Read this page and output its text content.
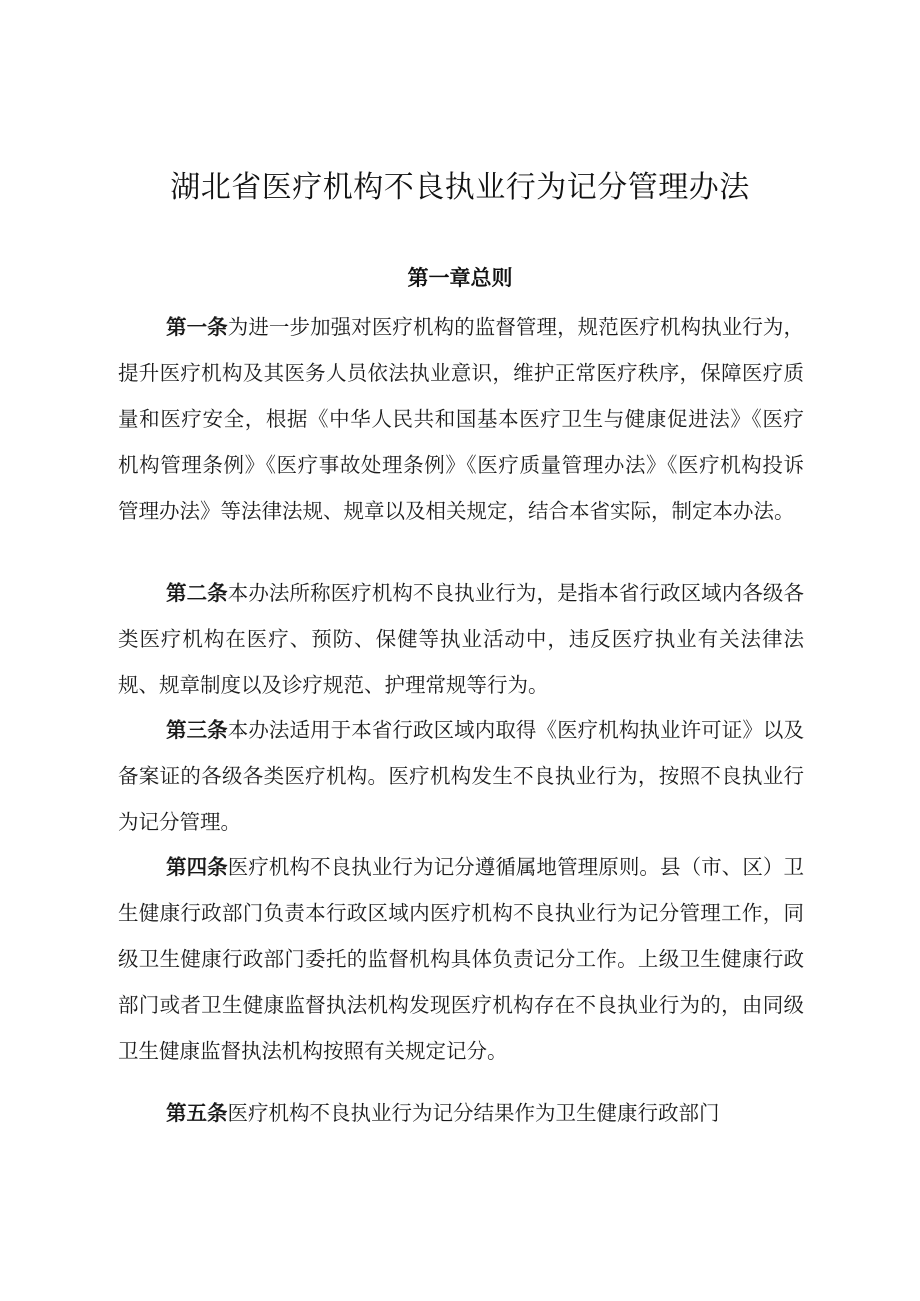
湖北省医疗机构不良执业行为记分管理办法
第一章总则

第一条为进一步加强对医疗机构的监督管理，规范医疗机构执业行为，提升医疗机构及其医务人员依法执业意识，维护正常医疗秩序，保障医疗质量和医疗安全，根据《中华人民共和国基本医疗卫生与健康促进法》《医疗机构管理条例》《医疗事故处理条例》《医疗质量管理办法》《医疗机构投诉管理办法》等法律法规、规章以及相关规定，结合本省实际，制定本办法。

第二条本办法所称医疗机构不良执业行为，是指本省行政区域内各级各类医疗机构在医疗、预防、保健等执业活动中，违反医疗执业有关法律法规、规章制度以及诊疗规范、护理常规等行为。

第三条本办法适用于本省行政区域内取得《医疗机构执业许可证》以及备案证的各级各类医疗机构。医疗机构发生不良执业行为，按照不良执业行为记分管理。

第四条医疗机构不良执业行为记分遵循属地管理原则。县（市、区）卫生健康行政部门负责本行政区域内医疗机构不良执业行为记分管理工作，同级卫生健康行政部门委托的监督机构具体负责记分工作。上级卫生健康行政部门或者卫生健康监督执法机构发现医疗机构存在不良执业行为的，由同级卫生健康监督执法机构按照有关规定记分。

第五条医疗机构不良执业行为记分结果作为卫生健康行政部门
